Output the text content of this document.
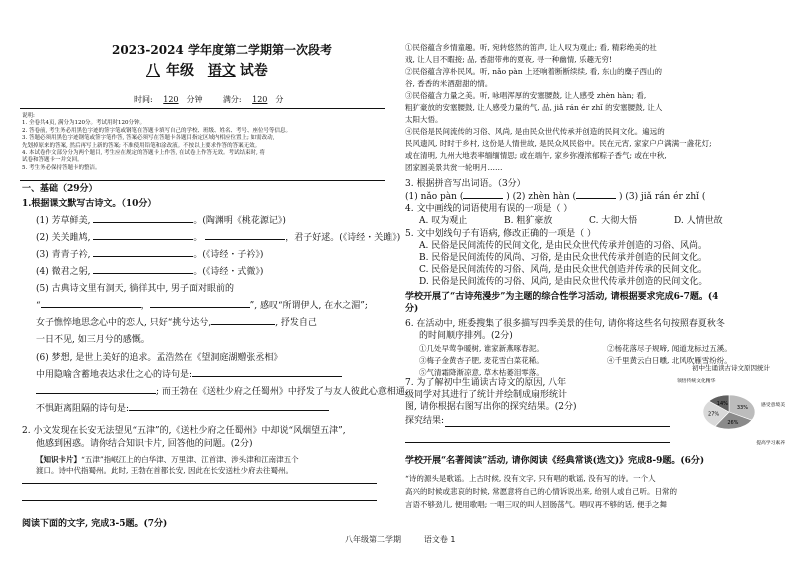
2023-2024 学年度第二学期第一次段考
八 年级 语文 试卷
时间: 120 分钟	满分: 120 分
说明:
1. 全卷共4页, 满分为120分。考试用时120分钟。
2. 答卷前, 考生务必用黑色字迹的签字笔或钢笔在答题卡填写自己的学校、班级、姓名、考号、座位号等信息。
3. 答题必须用黑色字迹钢笔或签字笔作答, 答案必须写在答题卡各题目指定区域内相应位置上; 如需改动,
先划掉原来的答案, 然后再写上新的答案; 不准使用铅笔和涂改液。不按以上要求作答的答案无效。
4. 本试卷作文部分分为两个题目, 考生应在规定的答题卡上作答, 在试卷上作答无效。考试结束时, 将
试卷和答题卡一并交回。
5. 考生务必保持答题卡的整洁。
一、基础（29分）
1.根据课文默写古诗文。（10分）
(1) 芳草鲜美,	。(陶渊明《桃花源记》)
(2) 关关雎鸠,	。	，君子好逑。(《诗经・关雎》)
(3) 青青子衿,	。(《诗经・子衿》)
(4) 微君之躬,	。(《诗经・式微》)
(5) 古典诗文里有洞天, 徜徉其中, 男子面对眼前的
“	，	”, 感叹“所谓伊人, 在水之湄”;
女子憔悴地思念心中的恋人, 只好“挑兮达兮,	, 抒发自己
一日不见, 如三月兮的感慨。
(6) 梦想, 是世上美好的追求。孟浩然在《望洞庭湖赠张丞相》
中用隐喻含蓄地表达求仕之心的诗句是:
; 而王勃在《送杜少府之任蜀州》中抒发了与友人彼此心意相通、
不惧距离阻隔的诗句是:
2. 小文发现在长安无法望见“五津”的,《送杜少府之任蜀州》中却说“风烟望五津”,
他感到困惑。请你结合知识卡片, 回答他的问题。(2分)
【知识卡片】“五津”指岷江上的白华津、万里津、江首津、涉头津和江南津五个
渡口。诗中代指蜀州。此时, 王勃在首都长安, 因此在长安送杜少府去往蜀州。
阅读下面的文字, 完成3-5题。(7分)
①民俗蕴含乡情童趣。听, 宛转悠然的笛声, 让人叹为观止; 看, 精彩绝美的社
戏, 让人目不暇接; 品, 香甜带弗的夏夜, 寻一种幽情, 乐趣无穷!
②民俗蕴含淳朴民风。听, nǎo pàn 上还响着断断续续, 看, 东山的麋子西山的
谷, 香香的米酒甜甜的情。
③民俗蕴含力量之美。听, 咏唱浑厚的安塞腰鼓, 让人感受 zhèn hàn; 看,
粗犷豪放的安塞腰鼓, 让人感受力量的气, 品, jiǎ rán ér zhǐ 的安塞腰鼓, 让人
太阳大悟。
④民俗是民间流传的习俗、风尚, 是由民众世代传承并创造的民间文化。遍远的
民风遗风, 时时于乡村, 这份是人情世故, 是民众风民俗中。民在元宵, 家家户户满满一盏花灯;
或在清明, 九州大地表率缅缅情思; 或在端午, 家乡弥漫浓郁粽子香气; 或在中秋,
团家圆美景共赏一轮明月……
3. 根据拼音写出词语。（3分）
(1) nǎo pàn (	) (2) zhèn hàn (	) (3) jiǎ rán ér zhǐ (
4. 文中画线的词语使用有误的一项是（ ）
A. 叹为观止	B. 粗犷豪放	C. 大彻大悟	D. 人情世故
5. 文中划线句子有语病, 修改正确的一项是（ ）
A. 民俗是民间流传的民间文化, 是由民众世代传承并创造的习俗、风尚。
B. 民俗是民间流传的风尚、习俗, 是由民众世代传承并创造的民间文化。
C. 民俗是民间流传的习俗、风尚, 是由民众世代创造并传承的民间文化。
D. 民俗是民间流传的习俗、风尚, 是由民众世代传承并创造的民间文化。
学校开展了“古诗苑漫步”为主题的综合性学习活动, 请根据要求完成6-7题。(4
分)
6. 在活动中, 班委搜集了很多描写四季美景的佳句, 请你将这些名句按照春夏秋冬
的时间顺序排列。(2分)
①几处早莺争暖树, 谁家新燕啄春泥。
③梅子金黄杏子肥, 麦花雪白菜花稀。
⑤气清霜降渐凉意, 草木枯萎泪零落。
②杨花落尽子规啼, 闻道龙标过五溪。
④千里黄云白日曛, 北风吹雁雪纷纷。
7. 为了解初中生诵读古诗文的原因, 八年
级同学对其进行了统计并绘制成扇形统计
图, 请你根据右图写出你的探究结果。(2分)
探究结果:
初中生诵读古诗文原因统计
33%
26%
27%
14%
领悟传统文化精华
感受意境美
提高学习素养
学校开展“名著阅读”活动, 请你阅读《经典常谈(选文)》完成8-9题。(6分)
“诗的源头是歌谣。上古时候, 没有文字, 只有唱的歌谣, 没有写的诗。一个人
高兴的时候或悲哀的时候, 常愿意将自己的心情诉说出来, 给别人或自己听。日常的
言语不够劲儿, 便用歌唱; 一唱三叹的叫人回肠荡气。唱叹再不够的话, 便手之舞
八年级第二学期	语文卷 1
